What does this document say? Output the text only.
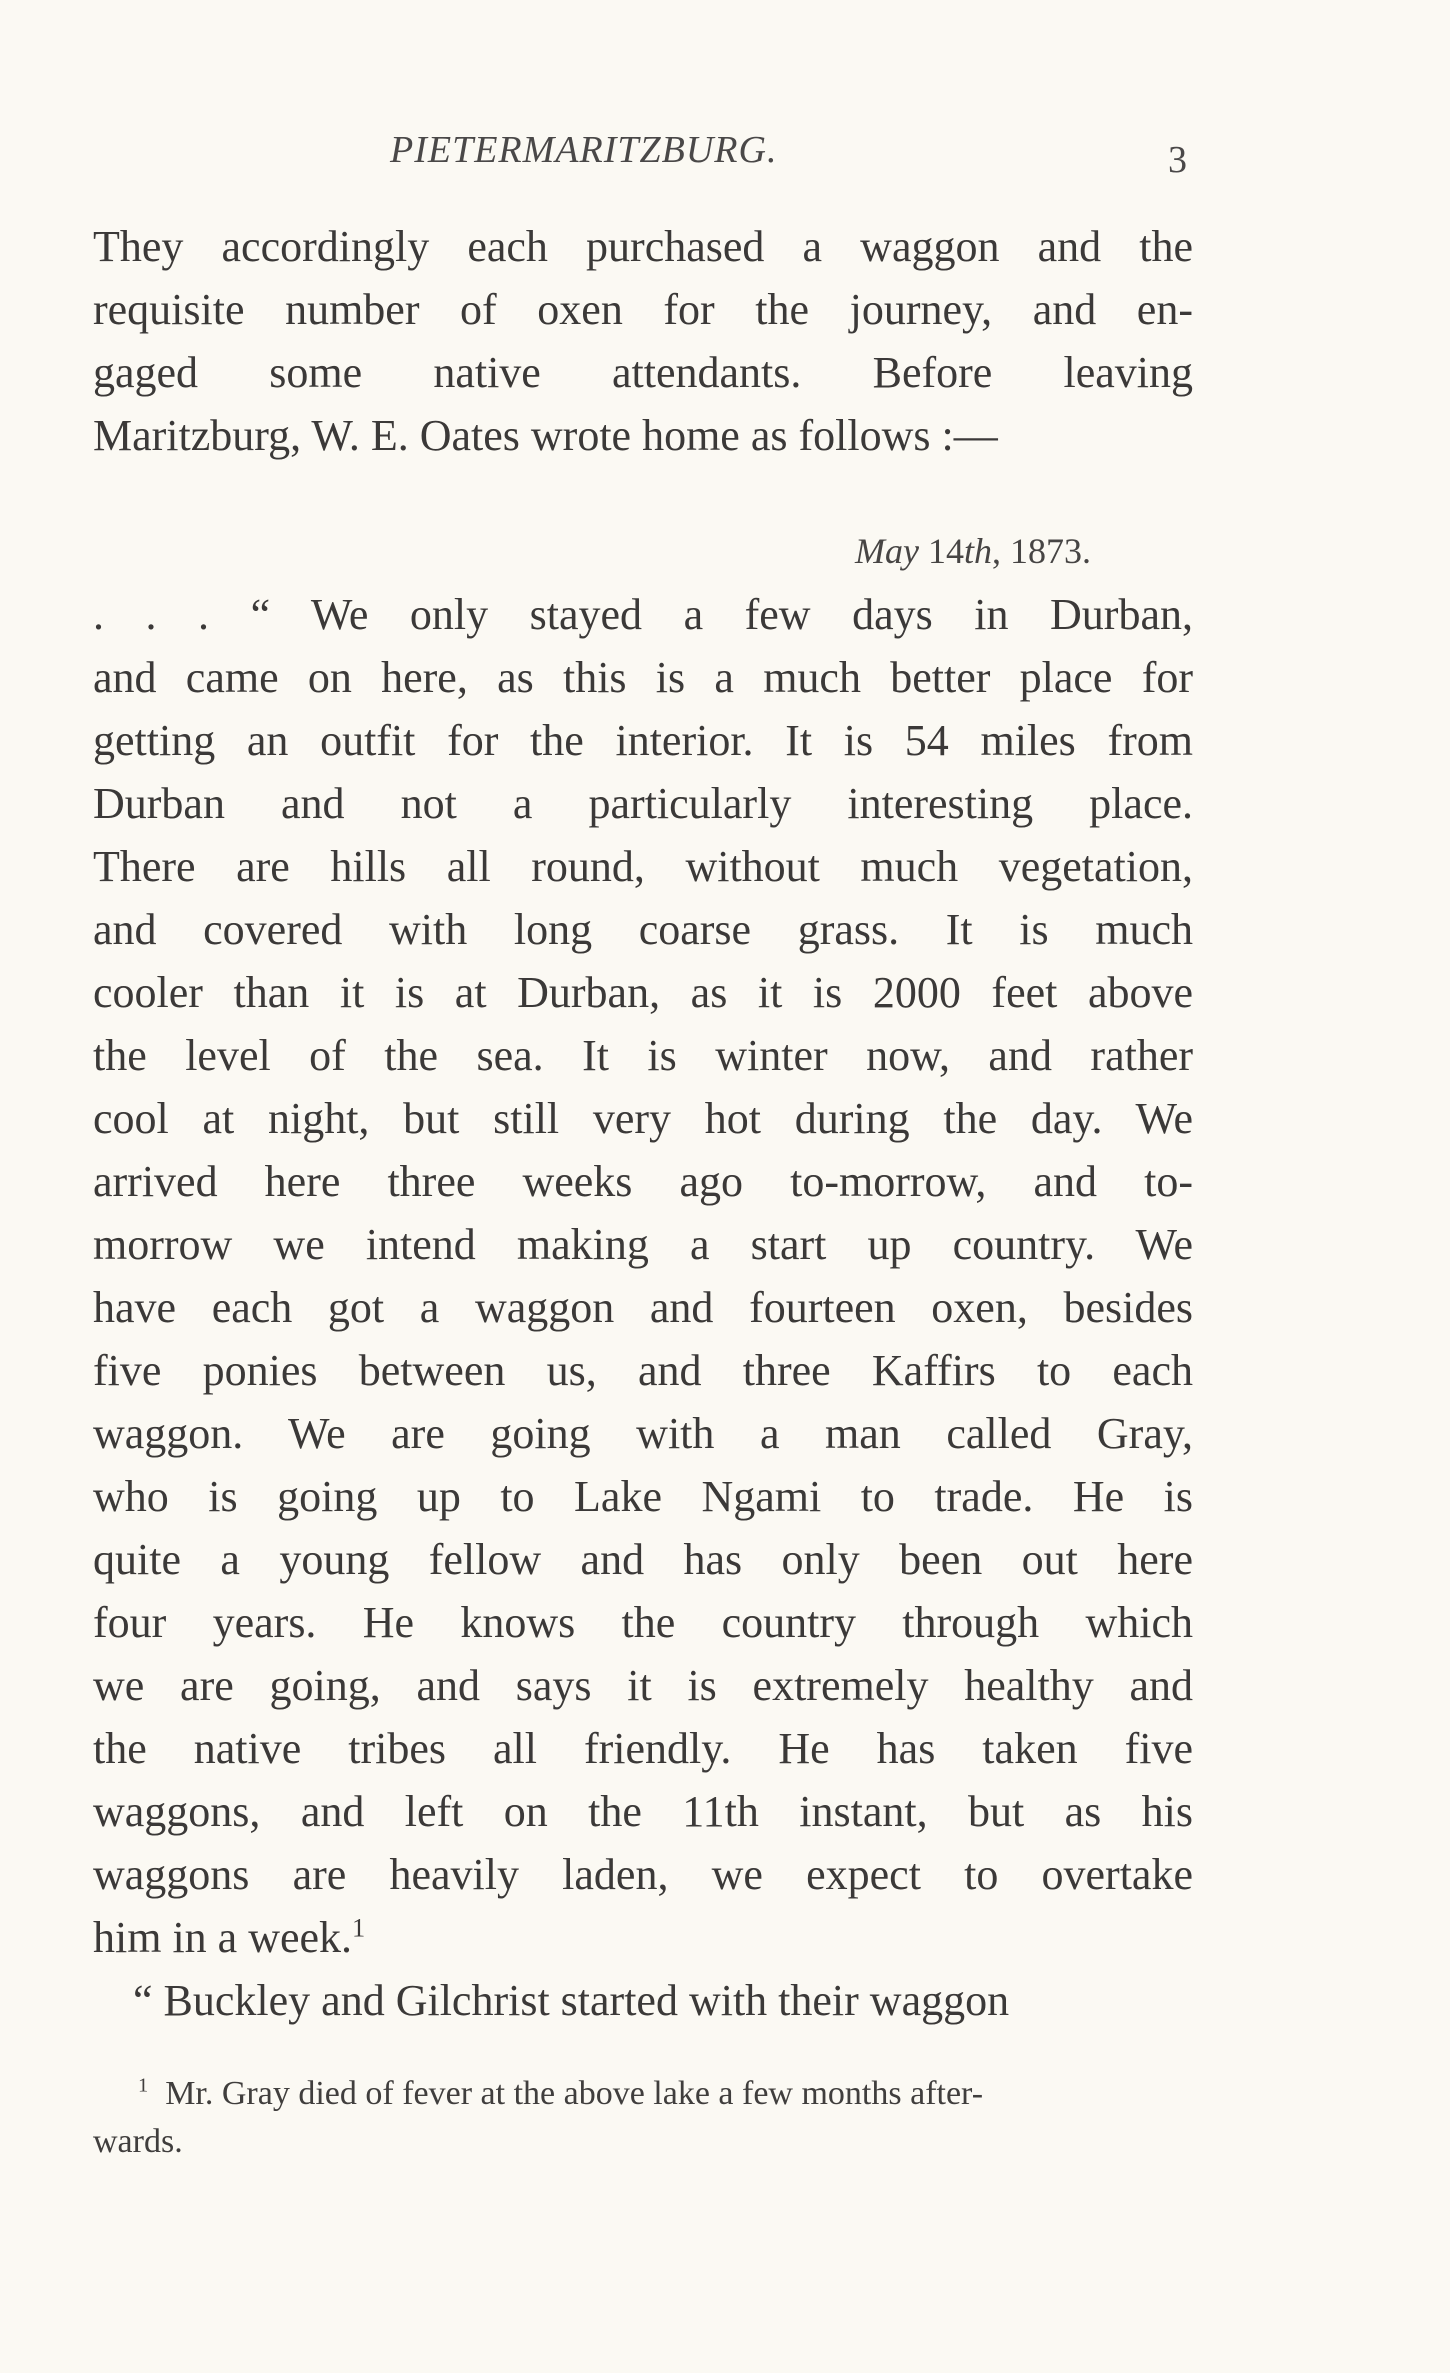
PIETERMARITZBURG.	3
They accordingly each purchased a waggon and the
requisite number of oxen for the journey, and en-
gaged some native attendants. Before leaving
Maritzburg, W. E. Oates wrote home as follows :—
May 14th, 1873.
. . . “ We only stayed a few days in Durban,
and came on here, as this is a much better place for
getting an outfit for the interior. It is 54 miles from
Durban and not a particularly interesting place.
There are hills all round, without much vegetation,
and covered with long coarse grass. It is much
cooler than it is at Durban, as it is 2000 feet above
the level of the sea. It is winter now, and rather
cool at night, but still very hot during the day. We
arrived here three weeks ago to-morrow, and to-
morrow we intend making a start up country. We
have each got a waggon and fourteen oxen, besides
five ponies between us, and three Kaffirs to each
waggon. We are going with a man called Gray,
who is going up to Lake Ngami to trade. He is
quite a young fellow and has only been out here
four years. He knows the country through which
we are going, and says it is extremely healthy and
the native tribes all friendly. He has taken five
waggons, and left on the 11th instant, but as his
waggons are heavily laden, we expect to overtake
him in a week.$^1$
“ Buckley and Gilchrist started with their waggon
$^1$ Mr. Gray died of fever at the above lake a few months after-
wards.
